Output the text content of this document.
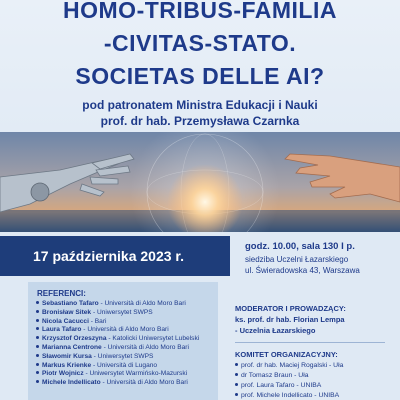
HOMO-TRIBUS-FAMILIA
-CIVITAS-STATO.
SOCIETAS DELLE AI?
pod patronatem Ministra Edukacji i Nauki
prof. dr hab. Przemysława Czarnka
17 października 2023 r.
godz. 10.00, sala 130 I p.
siedziba Uczelni Łazarskiego
ul. Świeradowska 43, Warszawa
REFERENCI:
Sebastiano Tafaro - Università di Aldo Moro Bari
Bronisław Sitek - Uniwersytet SWPS
Nicola Cacucci - Bari
Laura Tafaro - Università di Aldo Moro Bari
Krzysztof Orzeszyna - Katolicki Uniwersytet Lubelski
Marianna Centrone - Università di Aldo Moro Bari
Sławomir Kursa - Uniwersytet SWPS
Markus Krienke - Università di Lugano
Piotr Wojnicz - Uniwersytet Warmińsko-Mazurski
Michele Indellicato - Università di Aldo Moro Bari
MODERATOR I PROWADZĄCY:
ks. prof. dr hab. Florian Lempa
- Uczelnia Łazarskiego
KOMITET ORGANIZACYJNY:
prof. dr hab. Maciej Rogalski - Uła
dr Tomasz Braun - Uła
prof. Laura Tafaro - UNIBA
prof. Michele Indellicato - UNIBA
